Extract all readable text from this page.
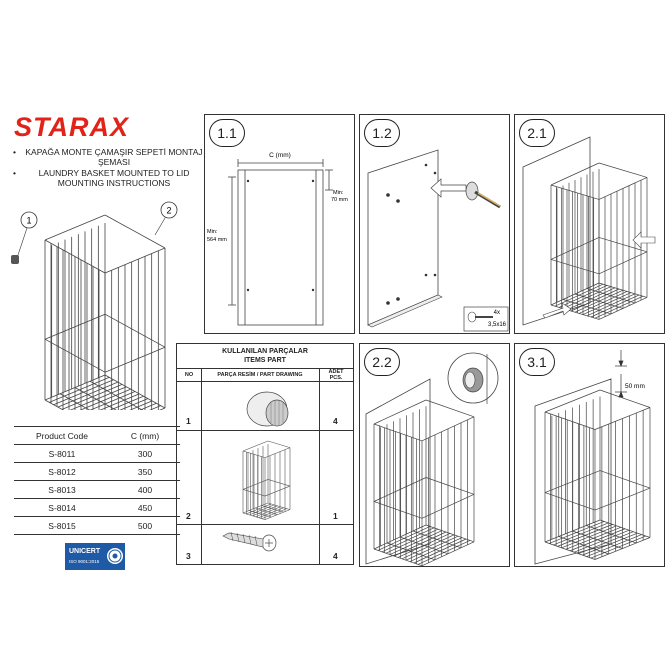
STARAX
•	KAPAĞA MONTE ÇAMAŞIR SEPETİ MONTAJ ŞEMASI
•	LAUNDRY BASKET MOUNTED TO LID MOUNTING INSTRUCTIONS
1
2
Product Code	C (mm)
S-8011	300
S-8012	350
S-8013	400
S-8014	450
S-8015	500
UNICERT
ISO 9001:2015
1.1
C (mm)
Min:
70 mm
Min:
564 mm
1.2
4x
3,5x16
2.1
KULLANILAN PARÇALAR
ITEMS PART
NO	PARÇA RESİM / PART DRAWING	ADET
PCS.
1	4
2	1
3	4
2.2	3.1
50 mm
